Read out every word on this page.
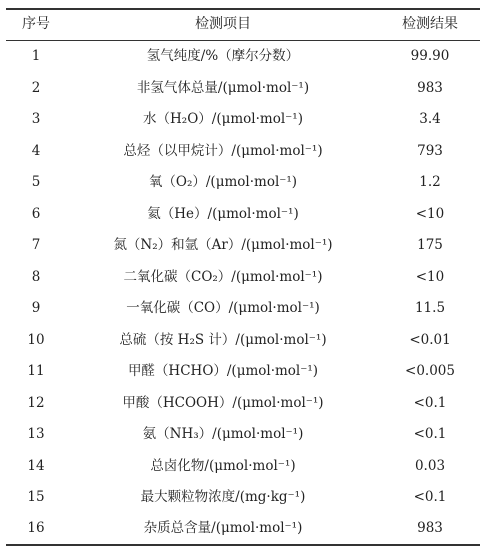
序号	检测项目	检测结果
1	氢气纯度/%（摩尔分数）	99.90
2	非氢气体总量/(μmol·mol⁻¹)	983
3	水（H₂O）/(μmol·mol⁻¹)	3.4
4	总烃（以甲烷计）/(μmol·mol⁻¹)	793
5	氧（O₂）/(μmol·mol⁻¹)	1.2
6	氦（He）/(μmol·mol⁻¹)	<10
7	氮（N₂）和氩（Ar）/(μmol·mol⁻¹)	175
8	二氧化碳（CO₂）/(μmol·mol⁻¹)	<10
9	一氧化碳（CO）/(μmol·mol⁻¹)	11.5
10	总硫（按 H₂S 计）/(μmol·mol⁻¹)	<0.01
11	甲醛（HCHO）/(μmol·mol⁻¹)	<0.005
12	甲酸（HCOOH）/(μmol·mol⁻¹)	<0.1
13	氨（NH₃）/(μmol·mol⁻¹)	<0.1
14	总卤化物/(μmol·mol⁻¹)	0.03
15	最大颗粒物浓度/(mg·kg⁻¹)	<0.1
16	杂质总含量/(μmol·mol⁻¹)	983
